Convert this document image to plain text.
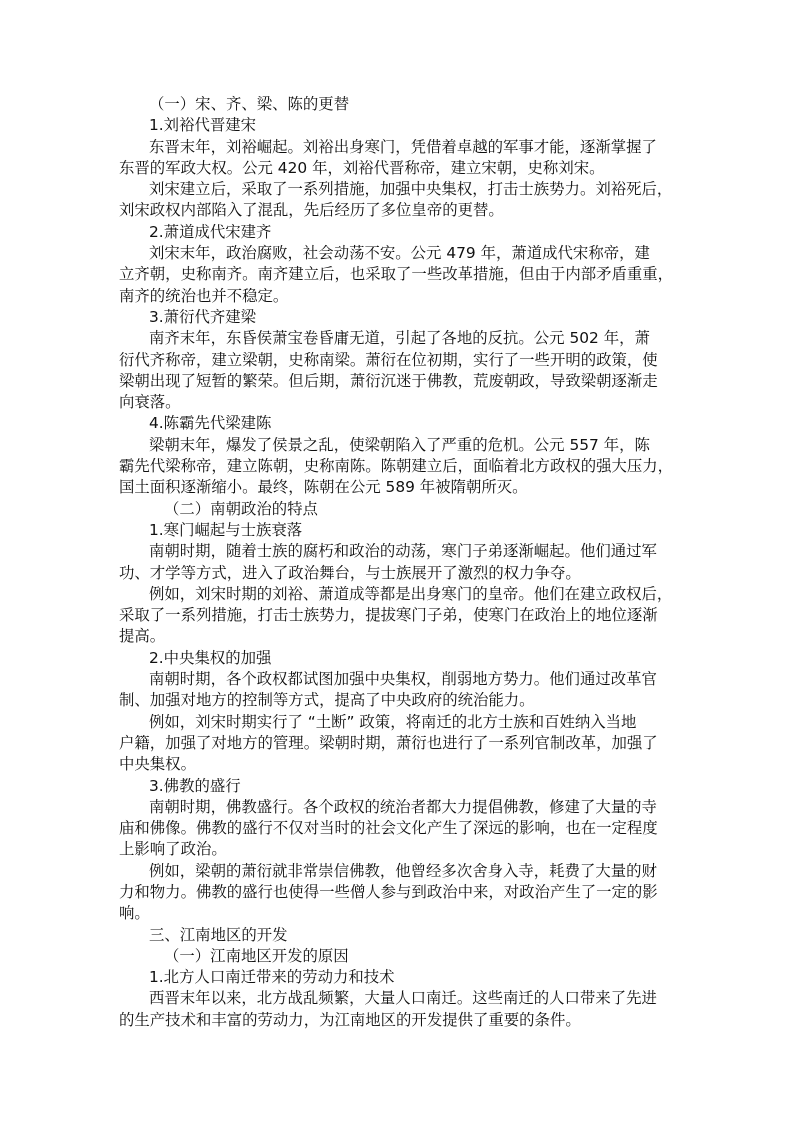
（一）宋、齐、梁、陈的更替
1.刘裕代晋建宋
东晋末年，刘裕崛起。刘裕出身寒门，凭借着卓越的军事才能，逐渐掌握了
东晋的军政大权。公元 420 年，刘裕代晋称帝，建立宋朝，史称刘宋。
刘宋建立后，采取了一系列措施，加强中央集权，打击士族势力。刘裕死后，
刘宋政权内部陷入了混乱，先后经历了多位皇帝的更替。
2.萧道成代宋建齐
刘宋末年，政治腐败，社会动荡不安。公元 479 年，萧道成代宋称帝，建
立齐朝，史称南齐。南齐建立后，也采取了一些改革措施，但由于内部矛盾重重，
南齐的统治也并不稳定。
3.萧衍代齐建梁
南齐末年，东昏侯萧宝卷昏庸无道，引起了各地的反抗。公元 502 年，萧
衍代齐称帝，建立梁朝，史称南梁。萧衍在位初期，实行了一些开明的政策，使
梁朝出现了短暂的繁荣。但后期，萧衍沉迷于佛教，荒废朝政，导致梁朝逐渐走
向衰落。
4.陈霸先代梁建陈
梁朝末年，爆发了侯景之乱，使梁朝陷入了严重的危机。公元 557 年，陈
霸先代梁称帝，建立陈朝，史称南陈。陈朝建立后，面临着北方政权的强大压力，
国土面积逐渐缩小。最终，陈朝在公元 589 年被隋朝所灭。
（二）南朝政治的特点
1.寒门崛起与士族衰落
南朝时期，随着士族的腐朽和政治的动荡，寒门子弟逐渐崛起。他们通过军
功、才学等方式，进入了政治舞台，与士族展开了激烈的权力争夺。
例如，刘宋时期的刘裕、萧道成等都是出身寒门的皇帝。他们在建立政权后，
采取了一系列措施，打击士族势力，提拔寒门子弟，使寒门在政治上的地位逐渐
提高。
2.中央集权的加强
南朝时期，各个政权都试图加强中央集权，削弱地方势力。他们通过改革官
制、加强对地方的控制等方式，提高了中央政府的统治能力。
例如，刘宋时期实行了 “土断” 政策，将南迁的北方士族和百姓纳入当地
户籍，加强了对地方的管理。梁朝时期，萧衍也进行了一系列官制改革，加强了
中央集权。
3.佛教的盛行
南朝时期，佛教盛行。各个政权的统治者都大力提倡佛教，修建了大量的寺
庙和佛像。佛教的盛行不仅对当时的社会文化产生了深远的影响，也在一定程度
上影响了政治。
例如，梁朝的萧衍就非常崇信佛教，他曾经多次舍身入寺，耗费了大量的财
力和物力。佛教的盛行也使得一些僧人参与到政治中来，对政治产生了一定的影
响。
三、江南地区的开发
（一）江南地区开发的原因
1.北方人口南迁带来的劳动力和技术
西晋末年以来，北方战乱频繁，大量人口南迁。这些南迁的人口带来了先进
的生产技术和丰富的劳动力，为江南地区的开发提供了重要的条件。
